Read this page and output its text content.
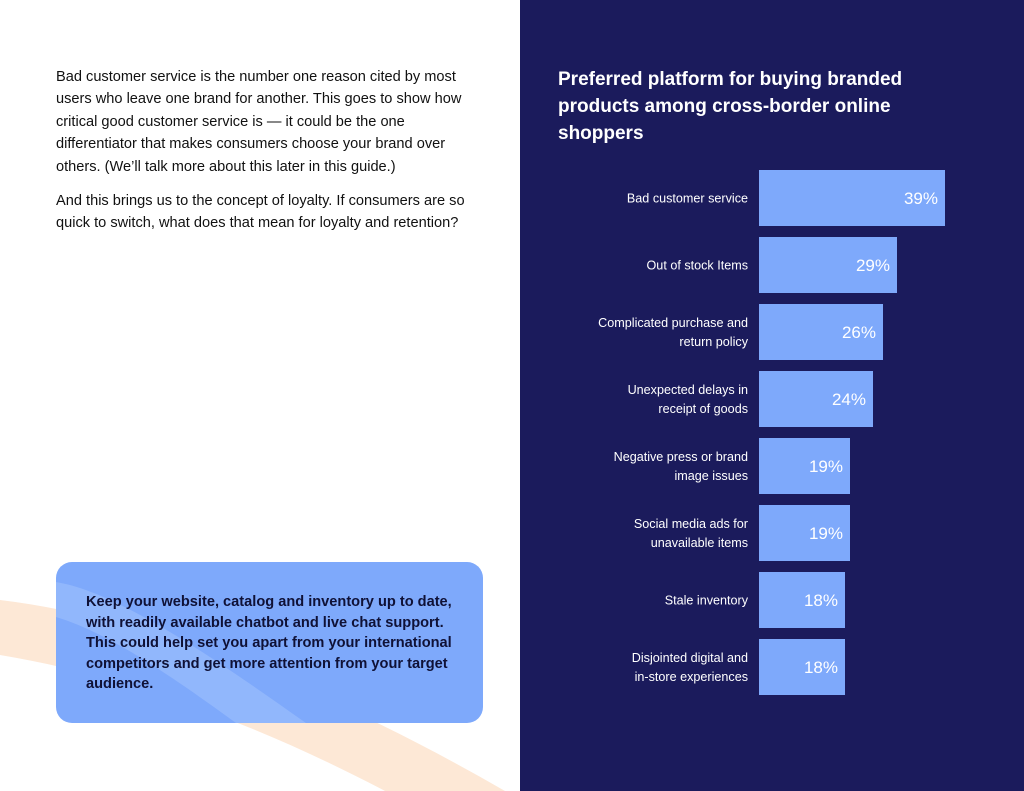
Bad customer service is the number one reason cited by most users who leave one brand for another. This goes to show how critical good customer service is — it could be the one differentiator that makes consumers choose your brand over others. (We’ll talk more about this later in this guide.)

And this brings us to the concept of loyalty. If consumers are so quick to switch, what does that mean for loyalty and retention?

Keep your website, catalog and inventory up to date, with readily available chatbot and live chat support. This could help set you apart from your international competitors and get more attention from your target audience.
Preferred platform for buying branded products among cross-border online shoppers
39%
Bad customer service
29%
Out of stock Items
26%
Complicated purchase and return policy
24%
Unexpected delays in receipt of goods
19%
Negative press or brand image issues
19%
Social media ads for unavailable items
18%
Stale inventory
18%
Disjointed digital and in-store experiences
